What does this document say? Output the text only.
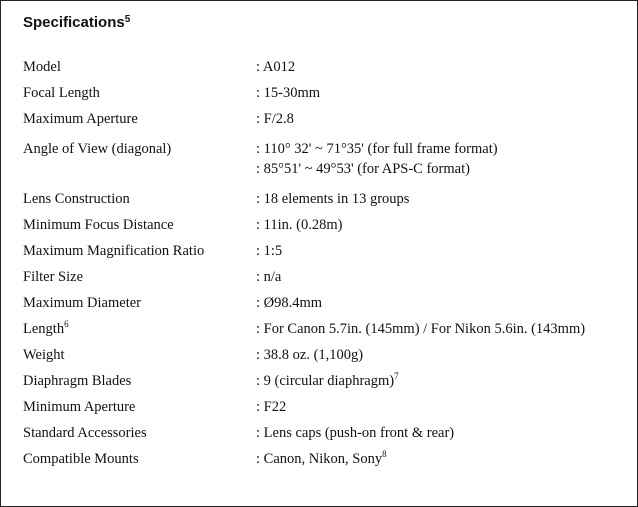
Specifications$^5$
Model	: A012
Focal Length	: 15-30mm
Maximum Aperture	: F/2.8
Angle of View (diagonal)	: 110° 32' ~ 71°35' (for full frame format)
: 85°51' ~ 49°53' (for APS-C format)
Lens Construction	: 18 elements in 13 groups
Minimum Focus Distance	: 11in. (0.28m)
Maximum Magnification Ratio	: 1:5
Filter Size	: n/a
Maximum Diameter	: Ø98.4mm
Length$^6$	: For Canon 5.7in. (145mm) / For Nikon 5.6in. (143mm)
Weight	: 38.8 oz. (1,100g)
Diaphragm Blades	: 9 (circular diaphragm)$^7$
Minimum Aperture	: F22
Standard Accessories	: Lens caps (push-on front & rear)
Compatible Mounts	: Canon, Nikon, Sony$^8$
